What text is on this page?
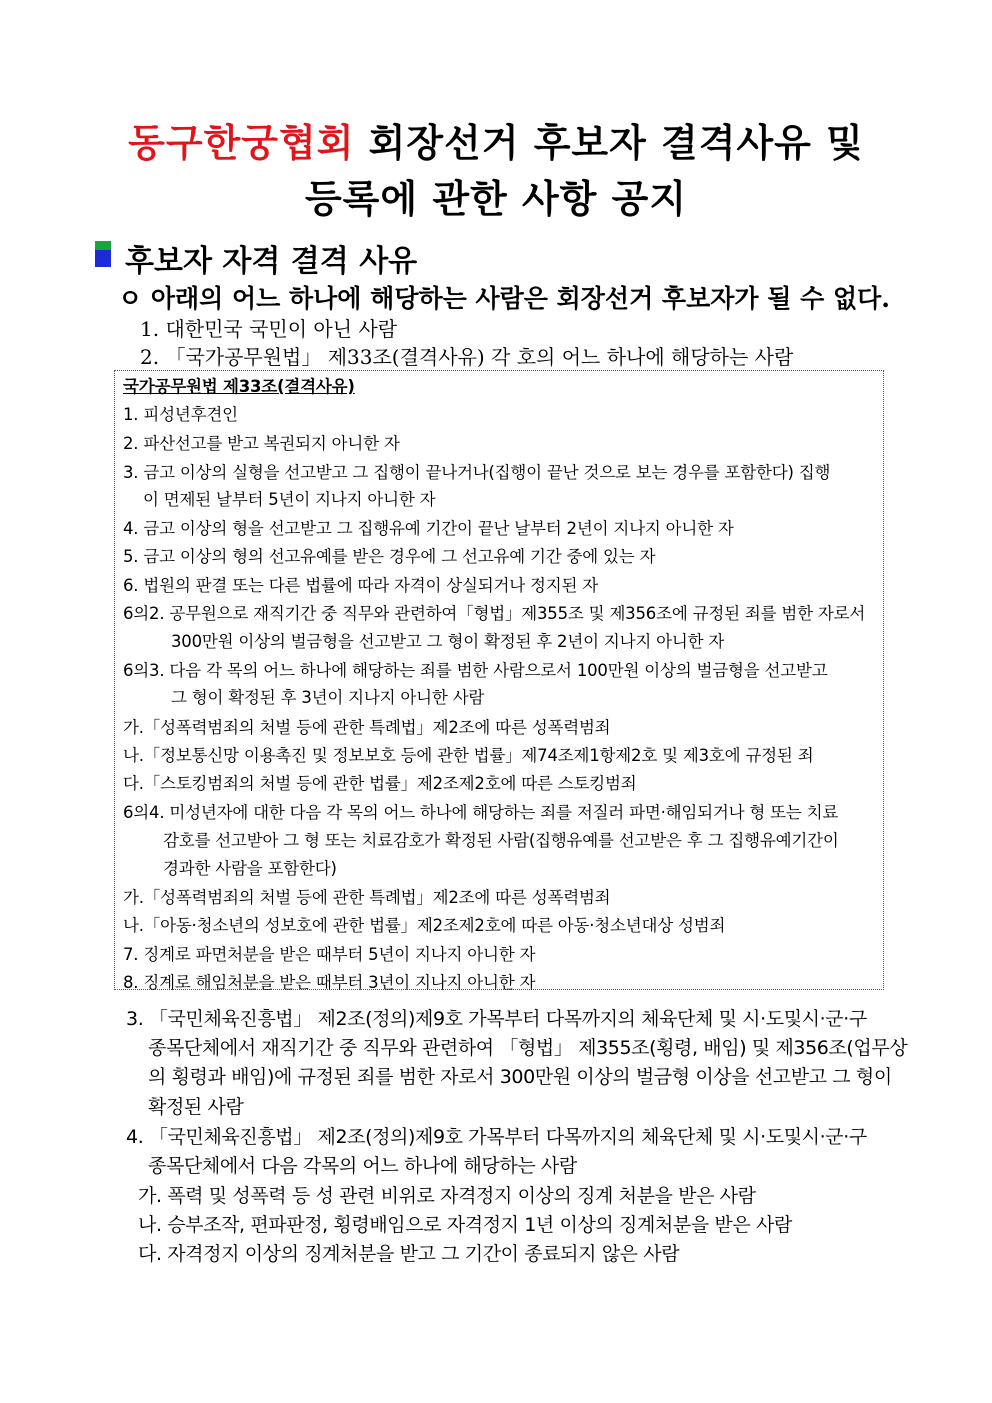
동구한궁협회 회장선거 후보자 결격사유 및
등록에 관한 사항 공지
후보자 자격 결격 사유
ㅇ 아래의 어느 하나에 해당하는 사람은 회장선거 후보자가 될 수 없다.
1. 대한민국 국민이 아닌 사람
2. 「국가공무원법」 제33조(결격사유) 각 호의 어느 하나에 해당하는 사람
국가공무원법 제33조(결격사유)
1. 피성년후견인
2. 파산선고를 받고 복권되지 아니한 자
3. 금고 이상의 실형을 선고받고 그 집행이 끝나거나(집행이 끝난 것으로 보는 경우를 포함한다) 집행
이 면제된 날부터 5년이 지나지 아니한 자
4. 금고 이상의 형을 선고받고 그 집행유예 기간이 끝난 날부터 2년이 지나지 아니한 자
5. 금고 이상의 형의 선고유예를 받은 경우에 그 선고유예 기간 중에 있는 자
6. 법원의 판결 또는 다른 법률에 따라 자격이 상실되거나 정지된 자
6의2. 공무원으로 재직기간 중 직무와 관련하여「형법」제355조 및 제356조에 규정된 죄를 범한 자로서
300만원 이상의 벌금형을 선고받고 그 형이 확정된 후 2년이 지나지 아니한 자
6의3. 다음 각 목의 어느 하나에 해당하는 죄를 범한 사람으로서 100만원 이상의 벌금형을 선고받고
그 형이 확정된 후 3년이 지나지 아니한 사람
가.「성폭력범죄의 처벌 등에 관한 특례법」제2조에 따른 성폭력범죄
나.「정보통신망 이용촉진 및 정보보호 등에 관한 법률」제74조제1항제2호 및 제3호에 규정된 죄
다.「스토킹범죄의 처벌 등에 관한 법률」제2조제2호에 따른 스토킹범죄
6의4. 미성년자에 대한 다음 각 목의 어느 하나에 해당하는 죄를 저질러 파면·해임되거나 형 또는 치료
감호를 선고받아 그 형 또는 치료감호가 확정된 사람(집행유예를 선고받은 후 그 집행유예기간이
경과한 사람을 포함한다)
가.「성폭력범죄의 처벌 등에 관한 특례법」제2조에 따른 성폭력범죄
나.「아동·청소년의 성보호에 관한 법률」제2조제2호에 따른 아동·청소년대상 성범죄
7. 징계로 파면처분을 받은 때부터 5년이 지나지 아니한 자
8. 징계로 해임처분을 받은 때부터 3년이 지나지 아니한 자
3. 「국민체육진흥법」 제2조(정의)제9호 가목부터 다목까지의 체육단체 및 시·도및시·군·구
종목단체에서 재직기간 중 직무와 관련하여 「형법」 제355조(횡령, 배임) 및 제356조(업무상
의 횡령과 배임)에 규정된 죄를 범한 자로서 300만원 이상의 벌금형 이상을 선고받고 그 형이
확정된 사람
4. 「국민체육진흥법」 제2조(정의)제9호 가목부터 다목까지의 체육단체 및 시·도및시·군·구
종목단체에서 다음 각목의 어느 하나에 해당하는 사람
가. 폭력 및 성폭력 등 성 관련 비위로 자격정지 이상의 징계 처분을 받은 사람
나. 승부조작, 편파판정, 횡령배임으로 자격정지 1년 이상의 징계처분을 받은 사람
다. 자격정지 이상의 징계처분을 받고 그 기간이 종료되지 않은 사람
